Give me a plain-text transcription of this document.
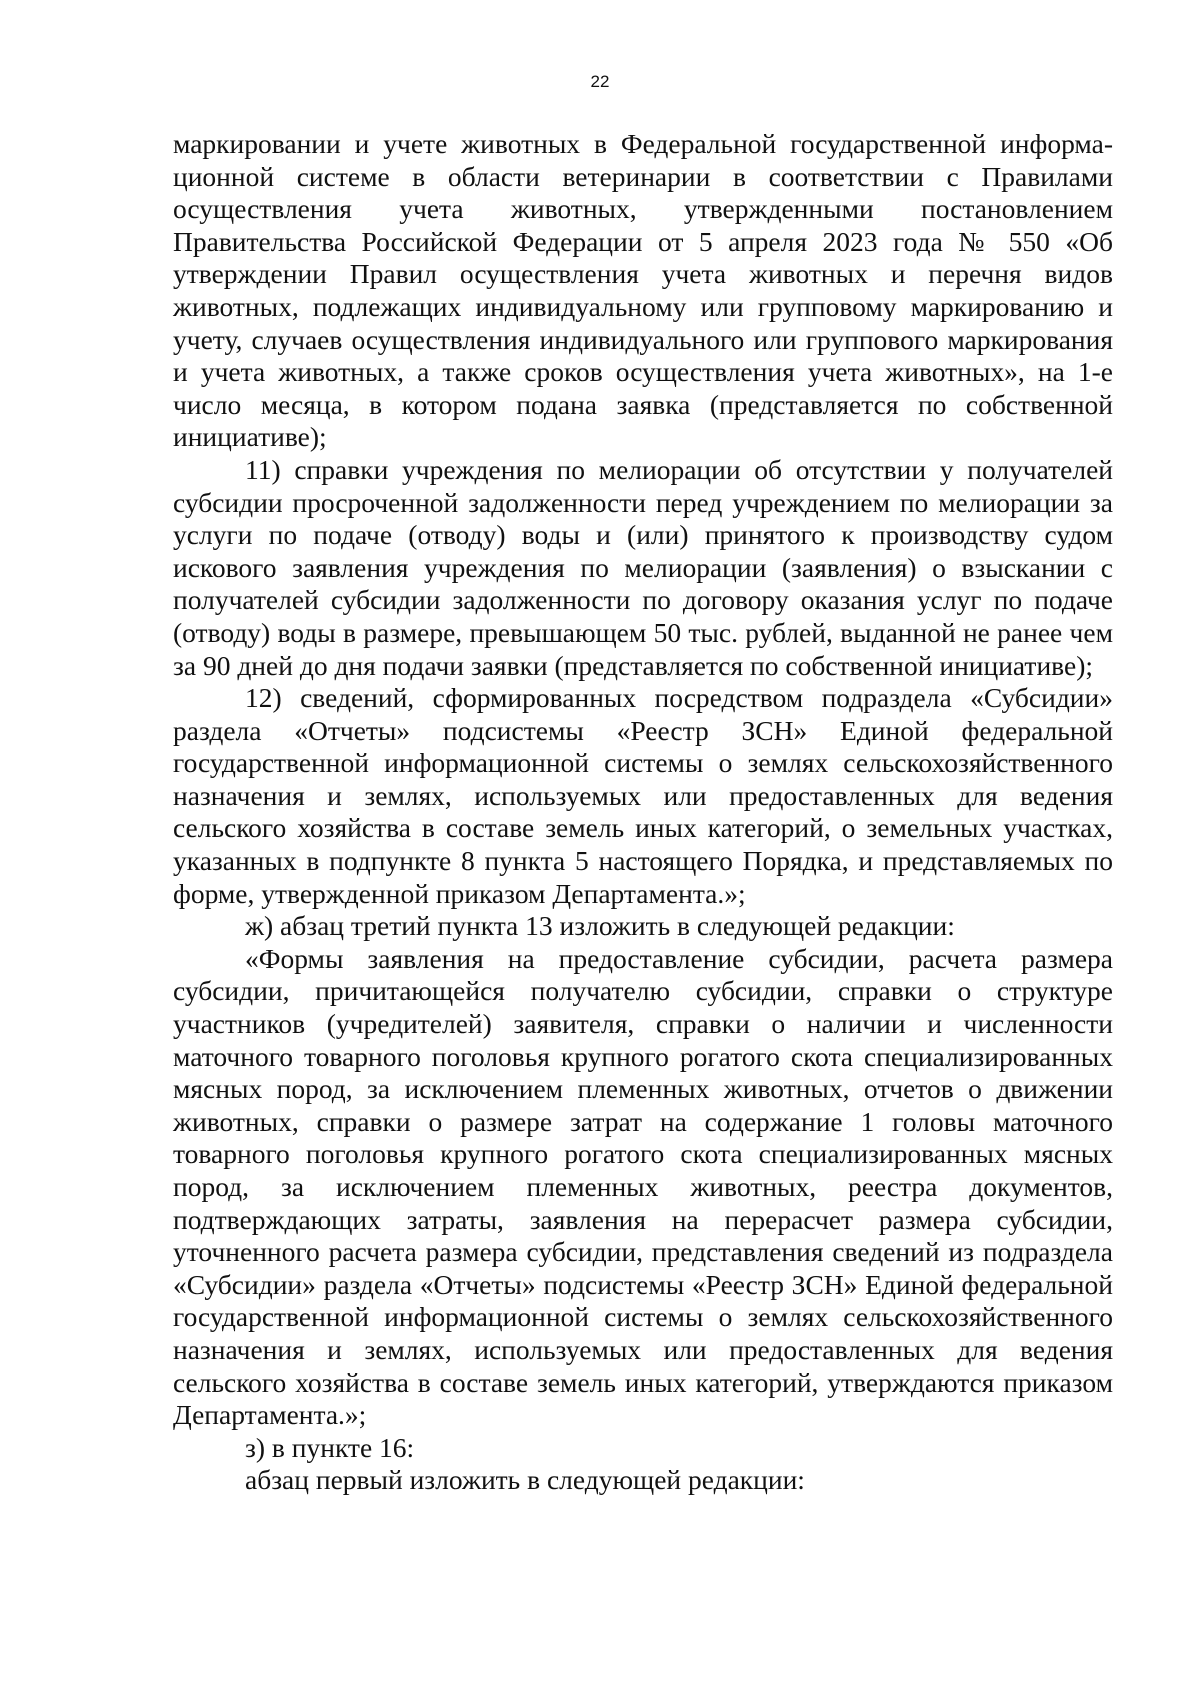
22

маркировании и учете животных в Федеральной государственной информационной системе в области ветеринарии в соответствии с Правилами осуществления учета животных, утвержденными постановлением Правительства Российской Федерации от 5 апреля 2023 года № 550 «Об утверждении Правил осуществления учета животных и перечня видов животных, подлежащих индивидуальному или групповому маркированию и учету, случаев осуществления индивидуального или группового маркирования и учета животных, а также сроков осуществления учета животных», на 1-е число месяца, в котором подана заявка (представляется по собственной инициативе);

11) справки учреждения по мелиорации об отсутствии у получателей субсидии просроченной задолженности перед учреждением по мелиорации за услуги по подаче (отводу) воды и (или) принятого к производству судом искового заявления учреждения по мелиорации (заявления) о взыскании с получателей субсидии задолженности по договору оказания услуг по подаче (отводу) воды в размере, превышающем 50 тыс. рублей, выданной не ранее чем за 90 дней до дня подачи заявки (представляется по собственной инициативе);

12) сведений, сформированных посредством подраздела «Субсидии» раздела «Отчеты» подсистемы «Реестр ЗСН» Единой федеральной государственной информационной системы о землях сельскохозяйственного назначения и землях, используемых или предоставленных для ведения сельского хозяйства в составе земель иных категорий, о земельных участках, указанных в подпункте 8 пункта 5 настоящего Порядка, и представляемых по форме, утвержденной приказом Департамента.»;

ж) абзац третий пункта 13 изложить в следующей редакции:

«Формы заявления на предоставление субсидии, расчета размера субсидии, причитающейся получателю субсидии, справки о структуре участников (учредителей) заявителя, справки о наличии и численности маточного товарного поголовья крупного рогатого скота специализированных мясных пород, за исключением племенных животных, отчетов о движении животных, справки о размере затрат на содержание 1 головы маточного товарного поголовья крупного рогатого скота специализированных мясных пород, за исключением племенных животных, реестра документов, подтверждающих затраты, заявления на перерасчет размера субсидии, уточненного расчета размера субсидии, представления сведений из подраздела «Субсидии» раздела «Отчеты» подсистемы «Реестр ЗСН» Единой федеральной государственной информационной системы о землях сельскохозяйственного назначения и землях, используемых или предоставленных для ведения сельского хозяйства в составе земель иных категорий, утверждаются приказом Департамента.»;

з) в пункте 16:

абзац первый изложить в следующей редакции:
